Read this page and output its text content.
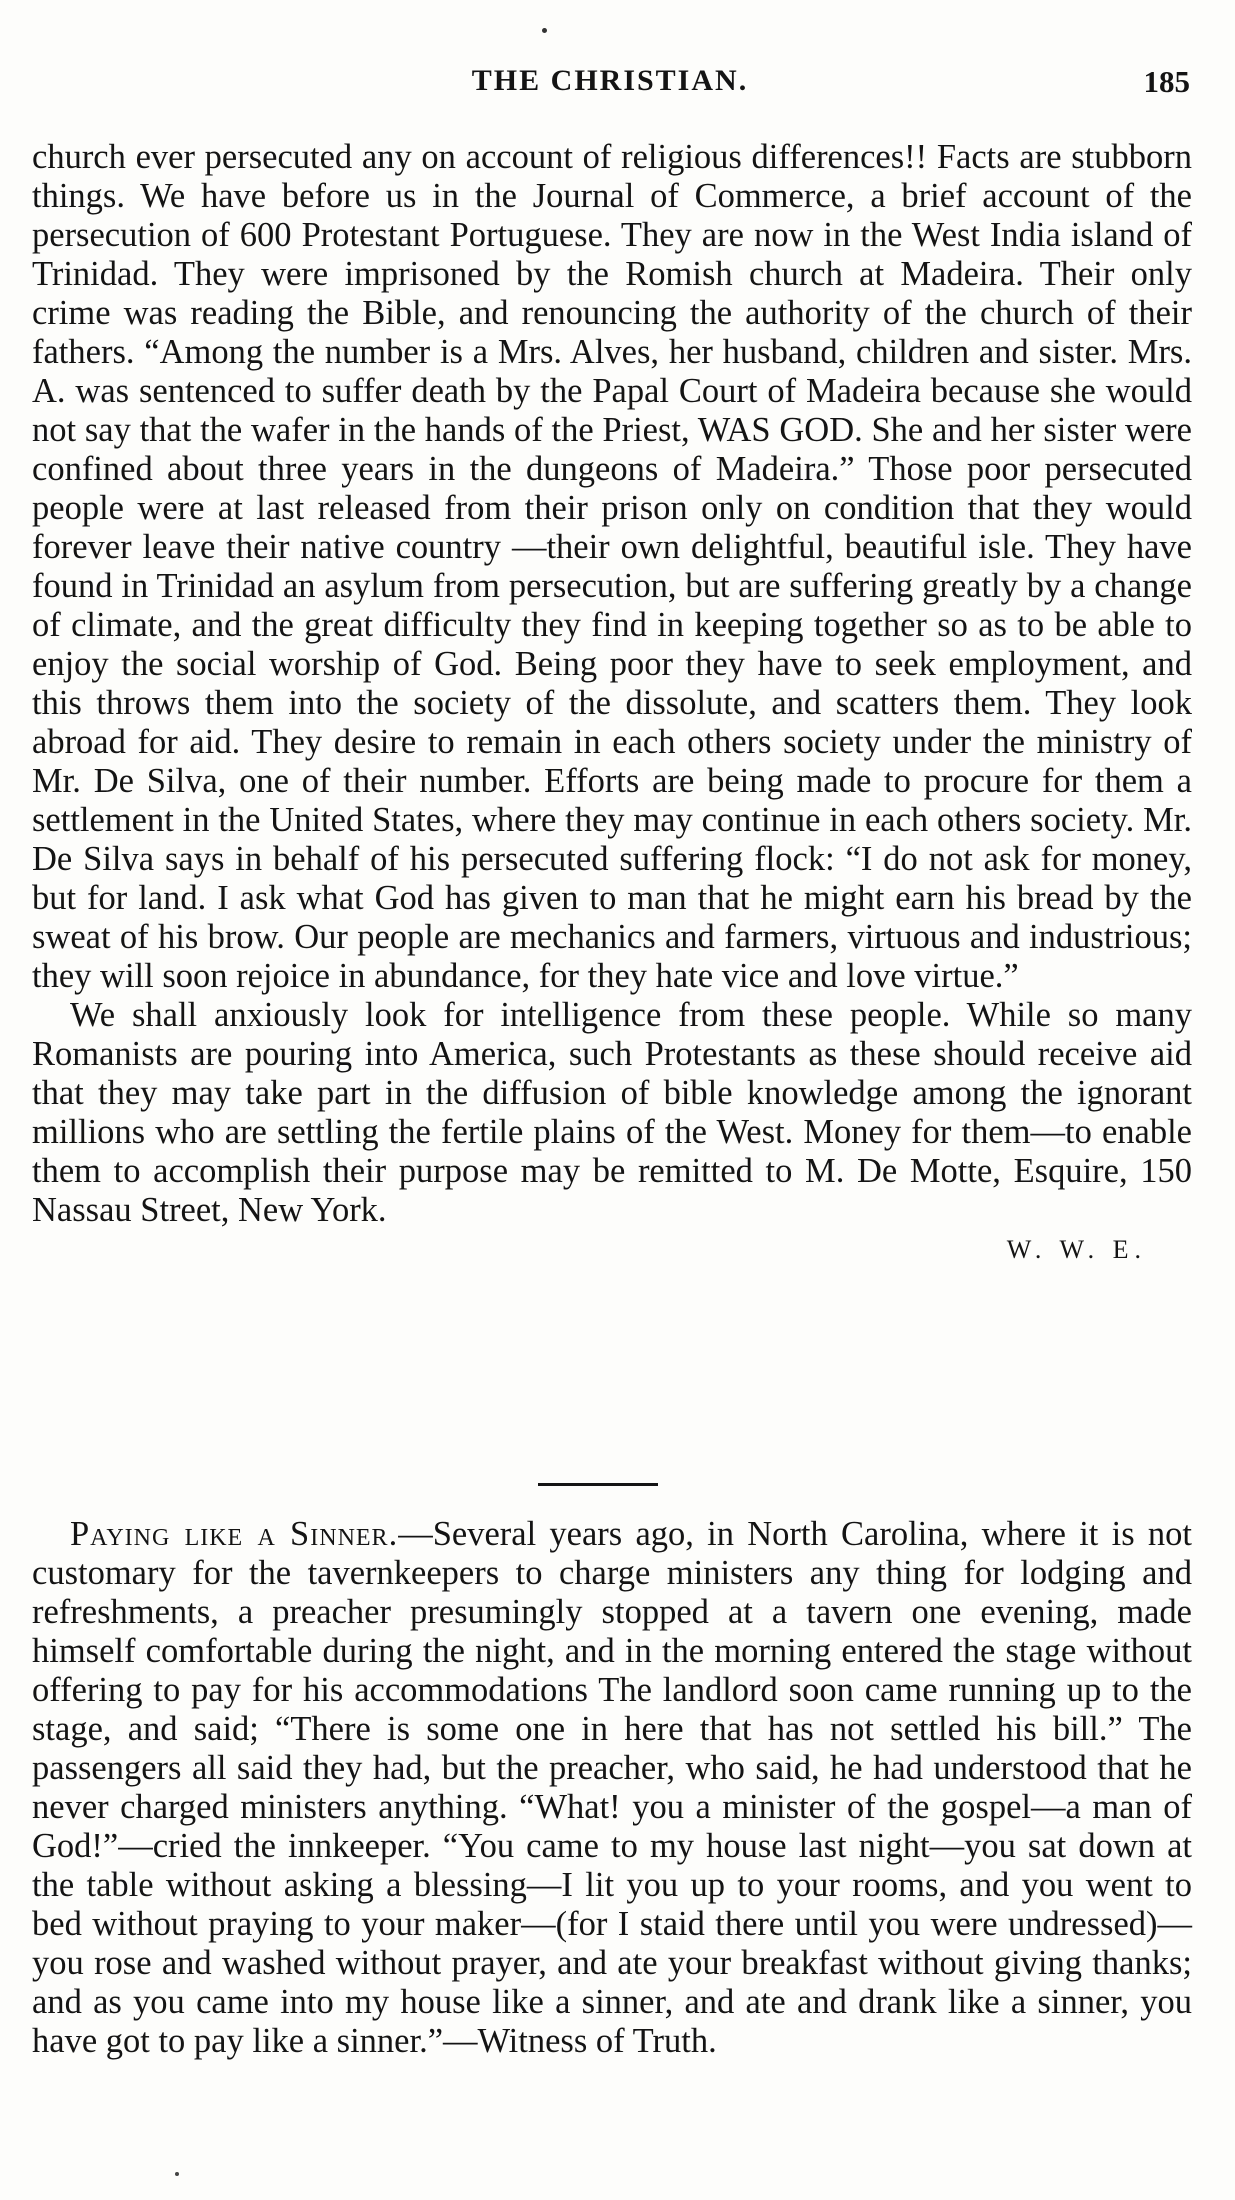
THE CHRISTIAN.	185

church ever persecuted any on account of religious differences!! Facts are stubborn things. We have before us in the Journal of Commerce, a brief account of the persecution of 600 Protestant Portuguese. They are now in the West India island of Trinidad. They were imprisoned by the Romish church at Madeira. Their only crime was reading the Bible, and renouncing the authority of the church of their fathers. “Among the number is a Mrs. Alves, her husband, children and sister. Mrs. A. was sentenced to suffer death by the Papal Court of Madeira because she would not say that the wafer in the hands of the Priest, WAS GOD. She and her sister were confined about three years in the dungeons of Madeira.” Those poor persecuted people were at last released from their prison only on condition that they would forever leave their native country —their own delightful, beautiful isle. They have found in Trinidad an asylum from persecution, but are suffering greatly by a change of climate, and the great difficulty they find in keeping together so as to be able to enjoy the social worship of God. Being poor they have to seek employment, and this throws them into the society of the dissolute, and scatters them. They look abroad for aid. They desire to remain in each others society under the ministry of Mr. De Silva, one of their number. Efforts are being made to procure for them a settlement in the United States, where they may continue in each others society. Mr. De Silva says in behalf of his persecuted suffering flock: “I do not ask for money, but for land. I ask what God has given to man that he might earn his bread by the sweat of his brow. Our people are mechanics and farmers, virtuous and industrious; they will soon rejoice in abundance, for they hate vice and love virtue.”

We shall anxiously look for intelligence from these people. While so many Romanists are pouring into America, such Protestants as these should receive aid that they may take part in the diffusion of bible knowledge among the ignorant millions who are settling the fertile plains of the West. Money for them—to enable them to accomplish their purpose may be remitted to M. De Motte, Esquire, 150 Nassau Street, New York.

W. W. E.

Paying like a Sinner.—Several years ago, in North Carolina, where it is not customary for the tavernkeepers to charge ministers any thing for lodging and refreshments, a preacher presumingly stopped at a tavern one evening, made himself comfortable during the night, and in the morning entered the stage without offering to pay for his accommodations The landlord soon came running up to the stage, and said; “There is some one in here that has not settled his bill.” The passengers all said they had, but the preacher, who said, he had understood that he never charged ministers anything. “What! you a minister of the gospel—a man of God!”—cried the innkeeper. “You came to my house last night—you sat down at the table without asking a blessing—I lit you up to your rooms, and you went to bed without praying to your maker—(for I staid there until you were undressed)—you rose and washed without prayer, and ate your breakfast without giving thanks; and as you came into my house like a sinner, and ate and drank like a sinner, you have got to pay like a sinner.”—Witness of Truth.
